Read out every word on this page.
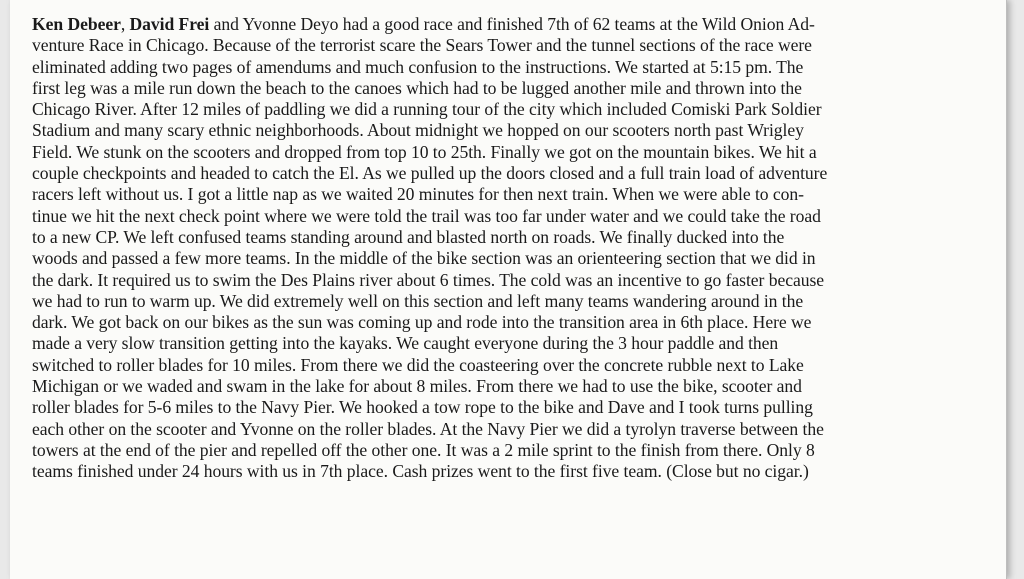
Ken Debeer, David Frei and Yvonne Deyo had a good race and finished 7th of 62 teams at the Wild Onion Ad-
venture Race in Chicago. Because of the terrorist scare the Sears Tower and the tunnel sections of the race were
eliminated adding two pages of amendums and much confusion to the instructions. We started at 5:15 pm. The
first leg was a mile run down the beach to the canoes which had to be lugged another mile and thrown into the
Chicago River. After 12 miles of paddling we did a running tour of the city which included Comiski Park Soldier
Stadium and many scary ethnic neighborhoods. About midnight we hopped on our scooters north past Wrigley
Field. We stunk on the scooters and dropped from top 10 to 25th. Finally we got on the mountain bikes. We hit a
couple checkpoints and headed to catch the El. As we pulled up the doors closed and a full train load of adventure
racers left without us. I got a little nap as we waited 20 minutes for then next train. When we were able to con-
tinue we hit the next check point where we were told the trail was too far under water and we could take the road
to a new CP. We left confused teams standing around and blasted north on roads. We finally ducked into the
woods and passed a few more teams. In the middle of the bike section was an orienteering section that we did in
the dark. It required us to swim the Des Plains river about 6 times. The cold was an incentive to go faster because
we had to run to warm up. We did extremely well on this section and left many teams wandering around in the
dark. We got back on our bikes as the sun was coming up and rode into the transition area in 6th place. Here we
made a very slow transition getting into the kayaks. We caught everyone during the 3 hour paddle and then
switched to roller blades for 10 miles. From there we did the coasteering over the concrete rubble next to Lake
Michigan or we waded and swam in the lake for about 8 miles. From there we had to use the bike, scooter and
roller blades for 5-6 miles to the Navy Pier. We hooked a tow rope to the bike and Dave and I took turns pulling
each other on the scooter and Yvonne on the roller blades. At the Navy Pier we did a tyrolyn traverse between the
towers at the end of the pier and repelled off the other one. It was a 2 mile sprint to the finish from there. Only 8
teams finished under 24 hours with us in 7th place. Cash prizes went to the first five team. (Close but no cigar.)
